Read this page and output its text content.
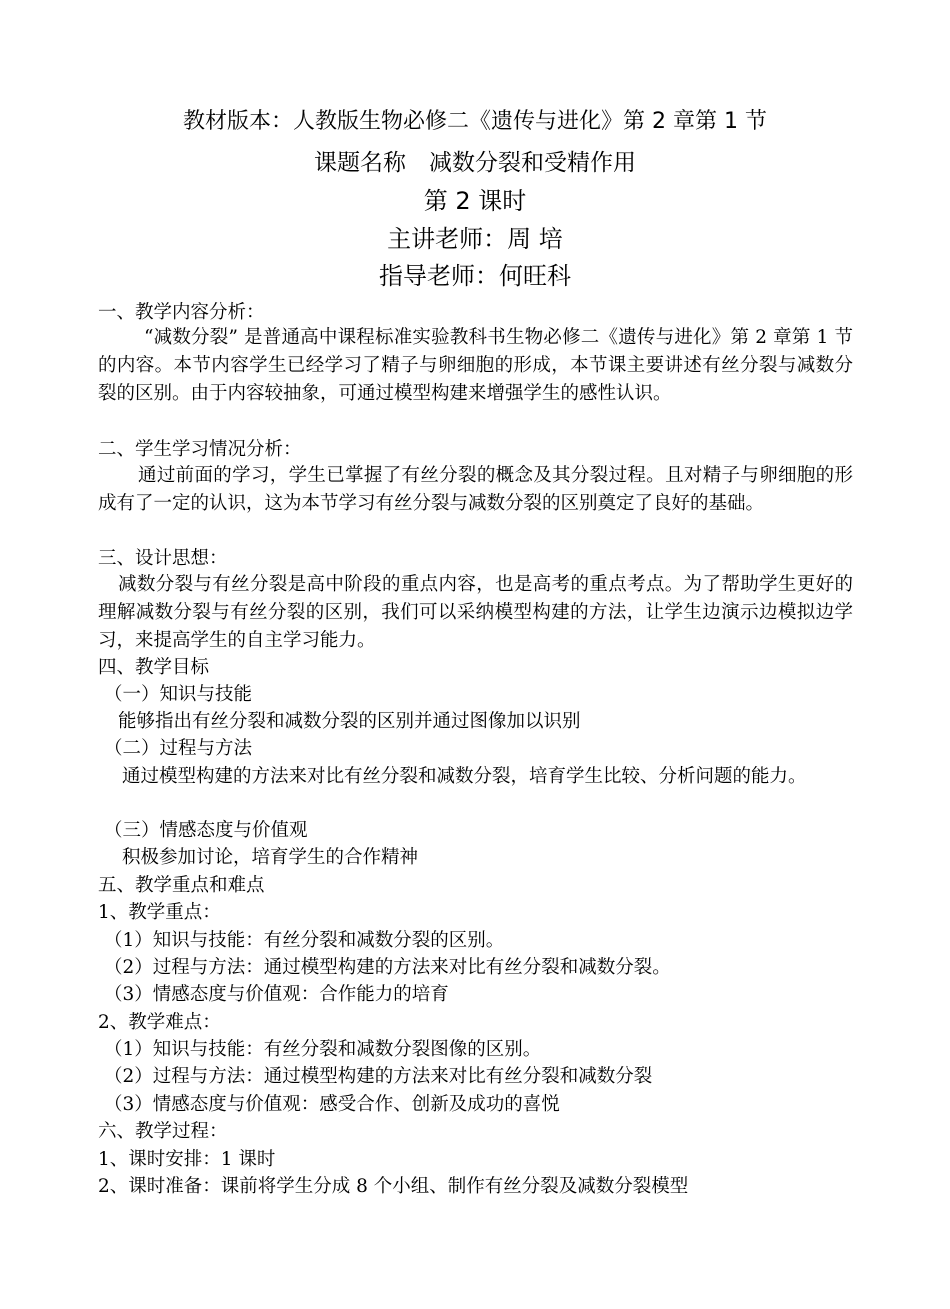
教材版本：人教版生物必修二《遗传与进化》第 2 章第 1 节
课题名称　减数分裂和受精作用
第 2 课时
主讲老师：周 培
指导老师：何旺科
一、教学内容分析：
“减数分裂” 是普通高中课程标准实验教科书生物必修二《遗传与进化》第 2 章第 1 节的内容。本节内容学生已经学习了精子与卵细胞的形成，本节课主要讲述有丝分裂与减数分裂的区别。由于内容较抽象，可通过模型构建来增强学生的感性认识。
二、学生学习情况分析：
通过前面的学习，学生已掌握了有丝分裂的概念及其分裂过程。且对精子与卵细胞的形成有了一定的认识，这为本节学习有丝分裂与减数分裂的区别奠定了良好的基础。
三、设计思想：
减数分裂与有丝分裂是高中阶段的重点内容，也是高考的重点考点。为了帮助学生更好的理解减数分裂与有丝分裂的区别，我们可以采纳模型构建的方法，让学生边演示边模拟边学习，来提高学生的自主学习能力。
四、教学目标
（一）知识与技能
能够指出有丝分裂和减数分裂的区别并通过图像加以识别
（二）过程与方法
通过模型构建的方法来对比有丝分裂和减数分裂，培育学生比较、分析问题的能力。
（三）情感态度与价值观
积极参加讨论，培育学生的合作精神
五、教学重点和难点
1、教学重点：
（1）知识与技能：有丝分裂和减数分裂的区别。
（2）过程与方法：通过模型构建的方法来对比有丝分裂和减数分裂。
（3）情感态度与价值观：合作能力的培育
2、教学难点：
（1）知识与技能：有丝分裂和减数分裂图像的区别。
（2）过程与方法：通过模型构建的方法来对比有丝分裂和减数分裂
（3）情感态度与价值观：感受合作、创新及成功的喜悦
六、教学过程：
1、课时安排：1 课时
2、课时准备：课前将学生分成 8 个小组、制作有丝分裂及减数分裂模型
